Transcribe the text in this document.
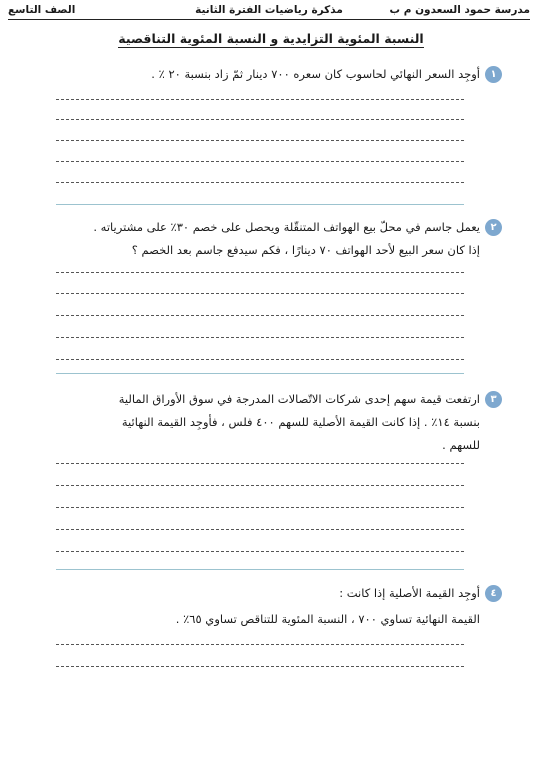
مدرسة حمود السعدون م ب
مذكرة رياضيات الفترة الثانية
الصف التاسع
النسبة المئوية التزايدية و النسبة المئوية التناقصية
١
أوجِد السعر النهائي لحاسوب كان سعره ٧٠٠ دينار ثمّ زاد بنسبة ٢٠ ٪ .
٢
يعمل جاسم في محلّ بيع الهواتف المتنقّلة ويحصل على خصم ٣٠٪ على مشترياته .
إذا كان سعر البيع لأحد الهواتف ٧٠ دينارًا ، فكم سيدفع جاسم بعد الخصم ؟
٣
ارتفعت قيمة سهم إحدى شركات الاتّصالات المدرجة في سوق الأوراق المالية
بنسبة ١٤٪ . إذا كانت القيمة الأصلية للسهم ٤٠٠ فلس ، فأوجِد القيمة النهائية
للسهم .
٤
أوجِد القيمة الأصلية إذا كانت :
القيمة النهائية تساوي ٧٠٠ ، النسبة المئوية للتناقص تساوي ٦٥٪ .
